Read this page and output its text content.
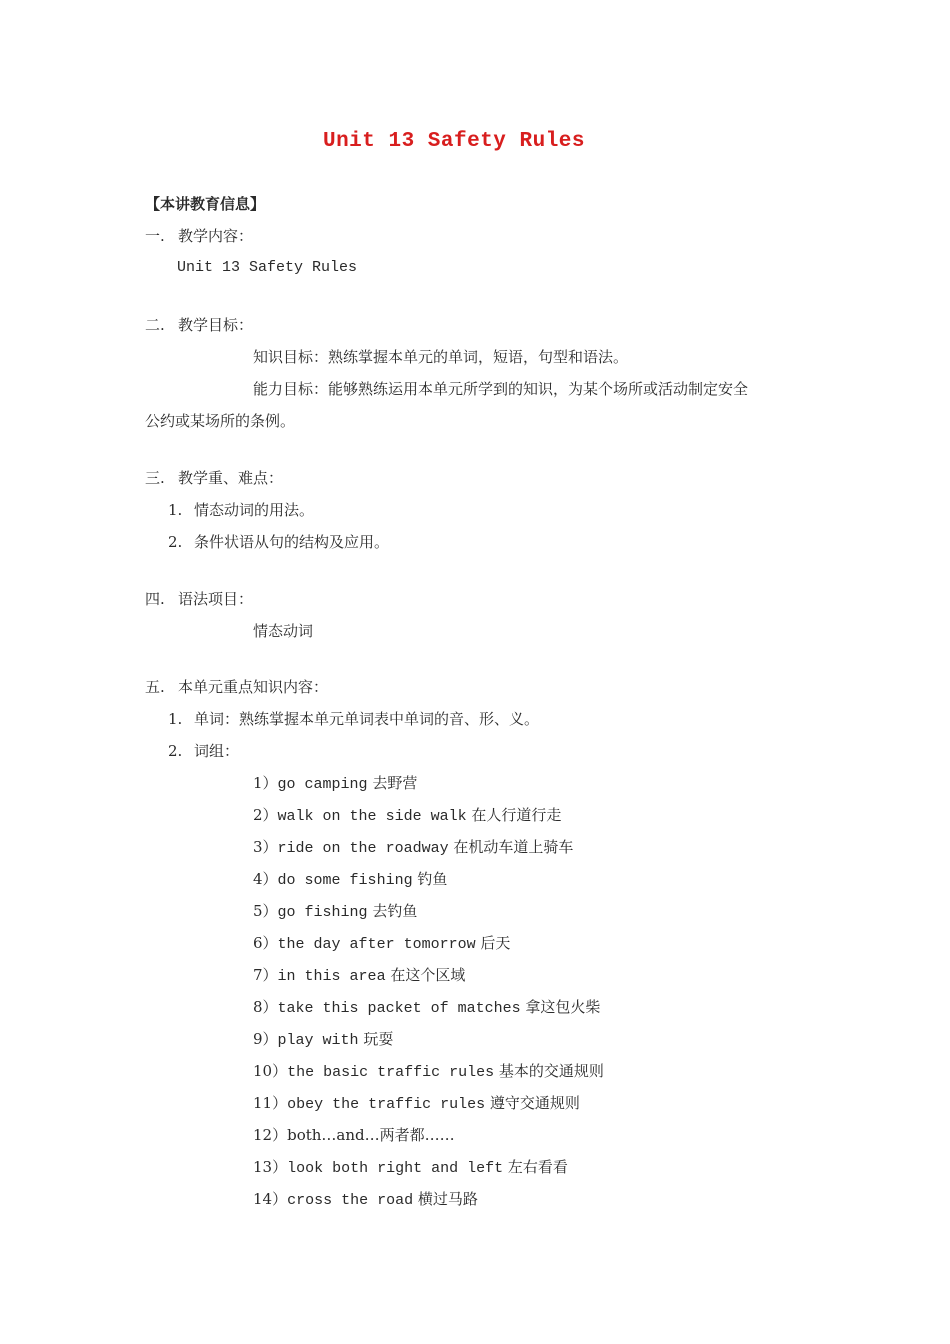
Unit 13 Safety Rules
【本讲教育信息】
一. 教学内容：
Unit 13 Safety Rules
二. 教学目标：
知识目标：熟练掌握本单元的单词，短语，句型和语法。
能力目标：能够熟练运用本单元所学到的知识，为某个场所或活动制定安全
公约或某场所的条例。
三. 教学重、难点：
1. 情态动词的用法。
2. 条件状语从句的结构及应用。
四. 语法项目：
情态动词
五. 本单元重点知识内容：
1. 单词：熟练掌握本单元单词表中单词的音、形、义。
2. 词组：
1）go camping 去野营
2）walk on the side walk 在人行道行走
3）ride on the roadway 在机动车道上骑车
4）do some fishing 钓鱼
5）go fishing 去钓鱼
6）the day after tomorrow 后天
7）in this area 在这个区域
8）take this packet of matches 拿这包火柴
9）play with 玩耍
10）the basic traffic rules 基本的交通规则
11）obey the traffic rules 遵守交通规则
12）both…and…两者都……
13）look both right and left 左右看看
14）cross the road 横过马路
